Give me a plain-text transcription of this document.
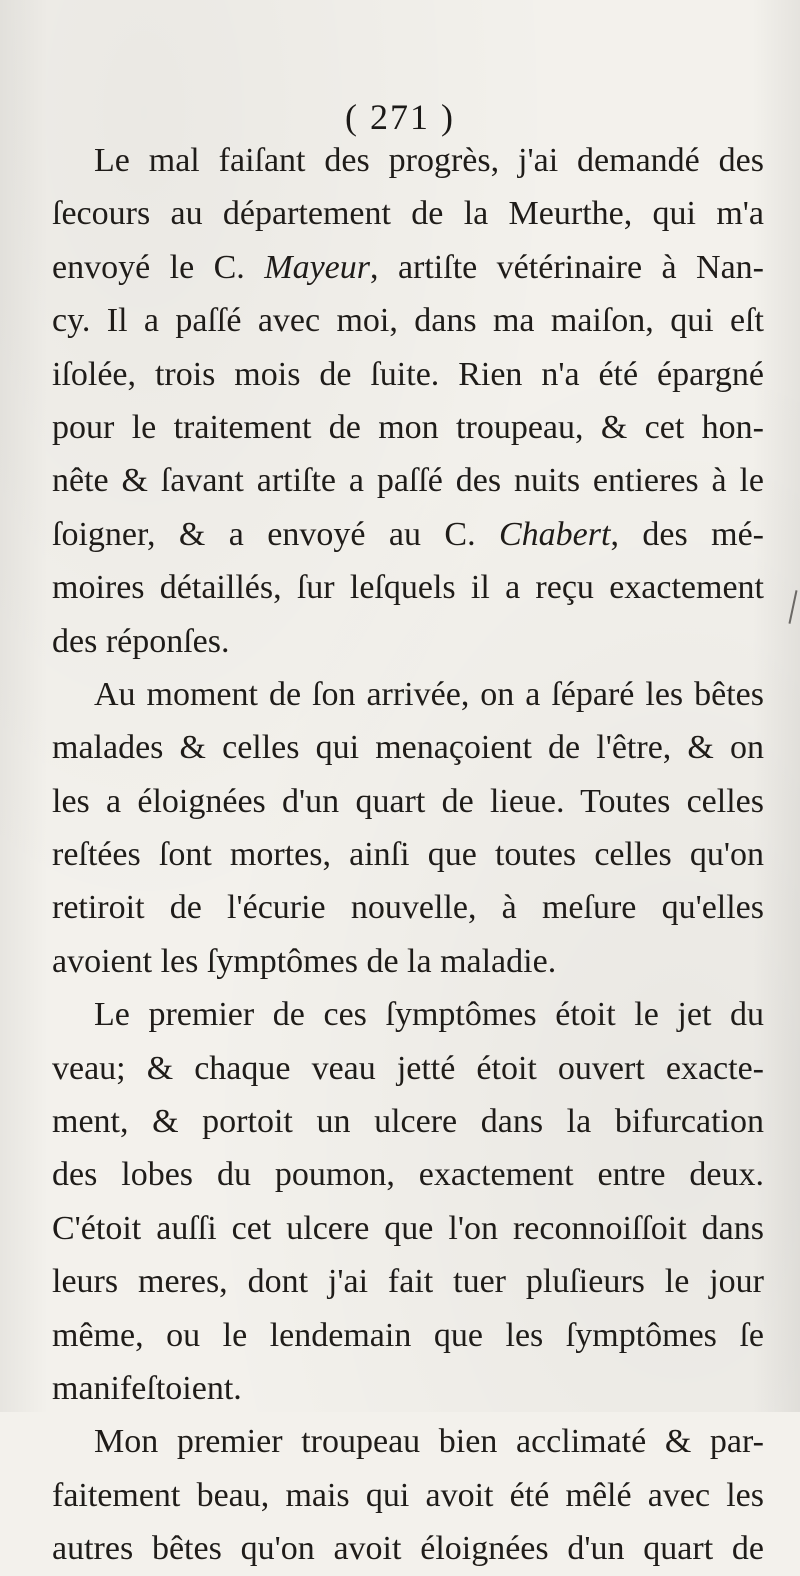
( 271 )
Le mal faiſant des progrès, j'ai demandé des
ſecours au département de la Meurthe, qui m'a
envoyé le C. Mayeur, artiſte vétérinaire à Nan-
cy. Il a paſſé avec moi, dans ma maiſon, qui eſt
iſolée, trois mois de ſuite. Rien n'a été épargné
pour le traitement de mon troupeau, & cet hon-
nête & ſavant artiſte a paſſé des nuits entieres à le
ſoigner, & a envoyé au C. Chabert, des mé-
moires détaillés, ſur leſquels il a reçu exactement
des réponſes.
Au moment de ſon arrivée, on a ſéparé les bêtes
malades & celles qui menaçoient de l'être, & on
les a éloignées d'un quart de lieue. Toutes celles
reſtées ſont mortes, ainſi que toutes celles qu'on
retiroit de l'écurie nouvelle, à meſure qu'elles
avoient les ſymptômes de la maladie.
Le premier de ces ſymptômes étoit le jet du
veau; & chaque veau jetté étoit ouvert exacte-
ment, & portoit un ulcere dans la bifurcation
des lobes du poumon, exactement entre deux.
C'étoit auſſi cet ulcere que l'on reconnoiſſoit dans
leurs meres, dont j'ai fait tuer pluſieurs le jour
même, ou le lendemain que les ſymptômes ſe
manifeſtoient.
Mon premier troupeau bien acclimaté & par-
faitement beau, mais qui avoit été mêlé avec les
autres bêtes qu'on avoit éloignées d'un quart de
